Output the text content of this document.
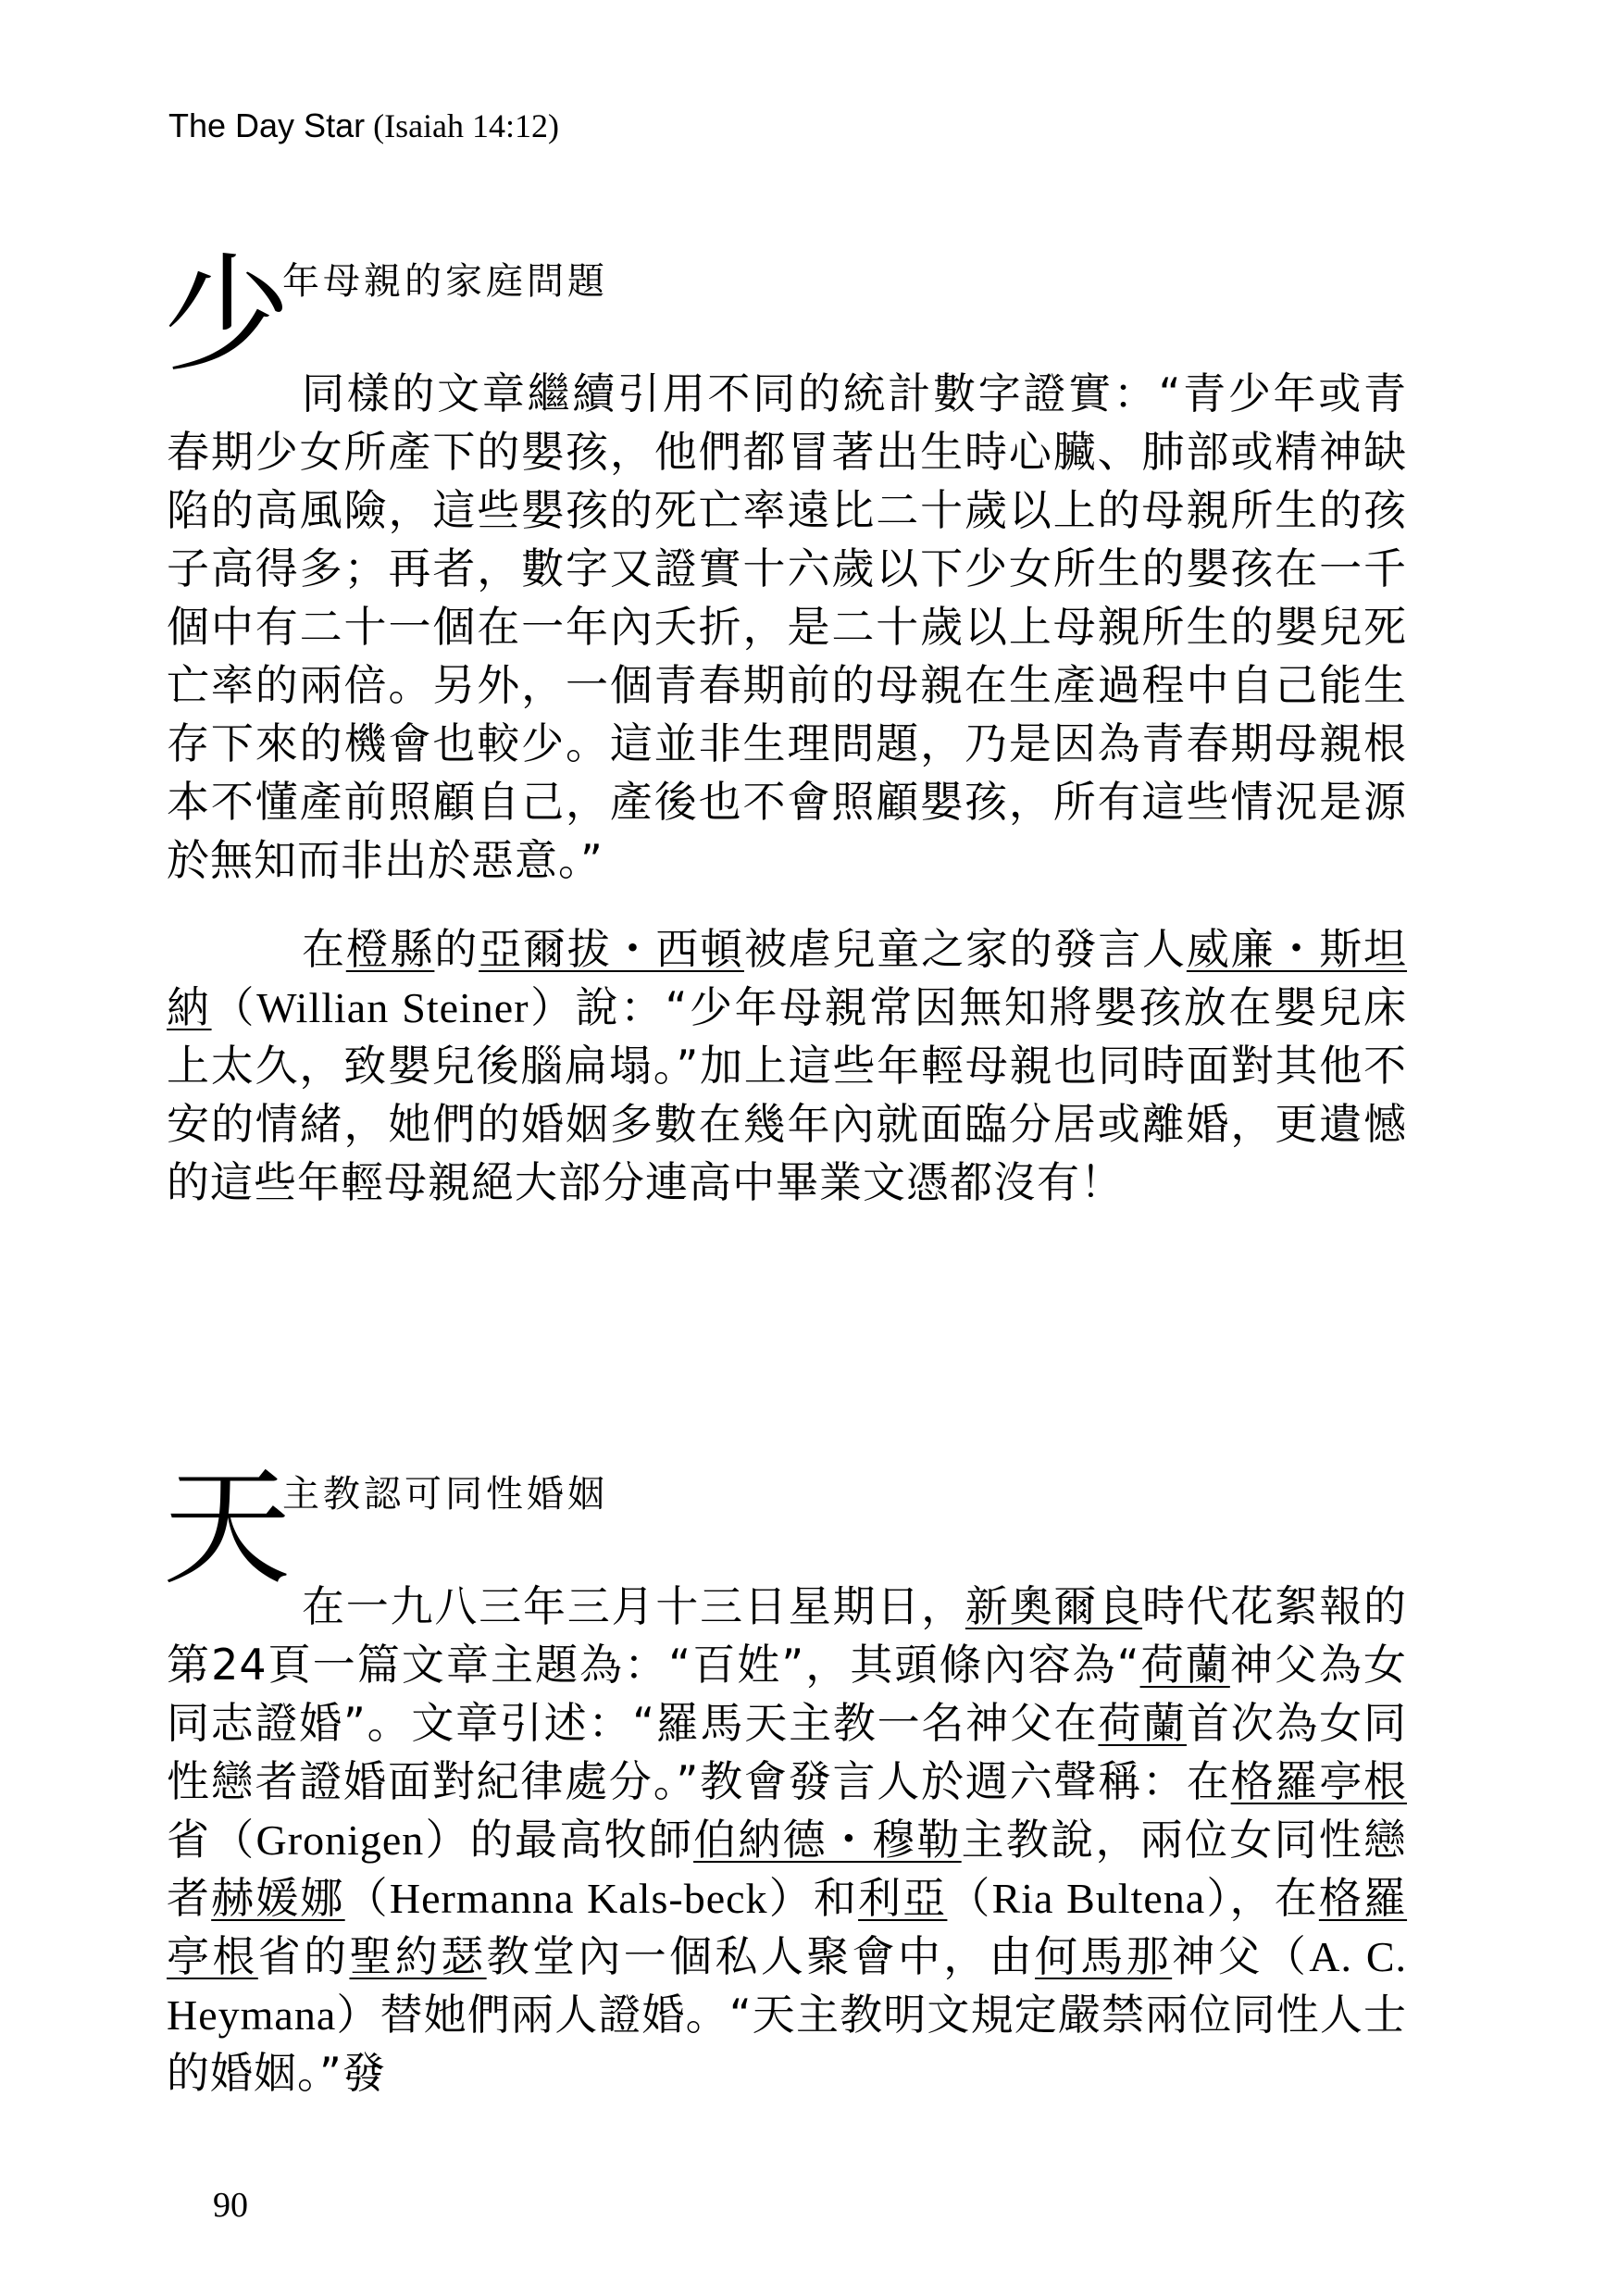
The Day Star (Isaiah 14:12)
少
年母親的家庭問題

同樣的文章繼續引用不同的統計數字證實：“青少年或青春期少女所產下的嬰孩，他們都冒著出生時心臟、肺部或精神缺陷的高風險，這些嬰孩的死亡率遠比二十歲以上的母親所生的孩子高得多；再者，數字又證實十六歲以下少女所生的嬰孩在一千個中有二十一個在一年內夭折，是二十歲以上母親所生的嬰兒死亡率的兩倍。另外，一個青春期前的母親在生產過程中自己能生存下來的機會也較少。這並非生理問題，乃是因為青春期母親根本不懂產前照顧自己，產後也不會照顧嬰孩，所有這些情況是源於無知而非出於惡意。”

在橙縣的亞爾拔・西頓被虐兒童之家的發言人威廉・斯坦納（Willian Steiner）說：“少年母親常因無知將嬰孩放在嬰兒床上太久，致嬰兒後腦扁塌。”加上這些年輕母親也同時面對其他不安的情緒，她們的婚姻多數在幾年內就面臨分居或離婚，更遺憾的這些年輕母親絕大部分連高中畢業文憑都沒有！

天
主教認可同性婚姻

在一九八三年三月十三日星期日，新奧爾良時代花絮報的第24頁一篇文章主題為：“百姓”，其頭條內容為“荷蘭神父為女同志證婚”。文章引述：“羅馬天主教一名神父在荷蘭首次為女同性戀者證婚面對紀律處分。”教會發言人於週六聲稱：在格羅亭根省（Gronigen）的最高牧師伯納德・穆勒主教說，兩位女同性戀者赫媛娜（Hermanna Kals-beck）和利亞（Ria Bultena），在格羅亭根省的聖約瑟教堂內一個私人聚會中，由何馬那神父（A. C. Heymana）替她們兩人證婚。“天主教明文規定嚴禁兩位同性人士的婚姻。”發

90
